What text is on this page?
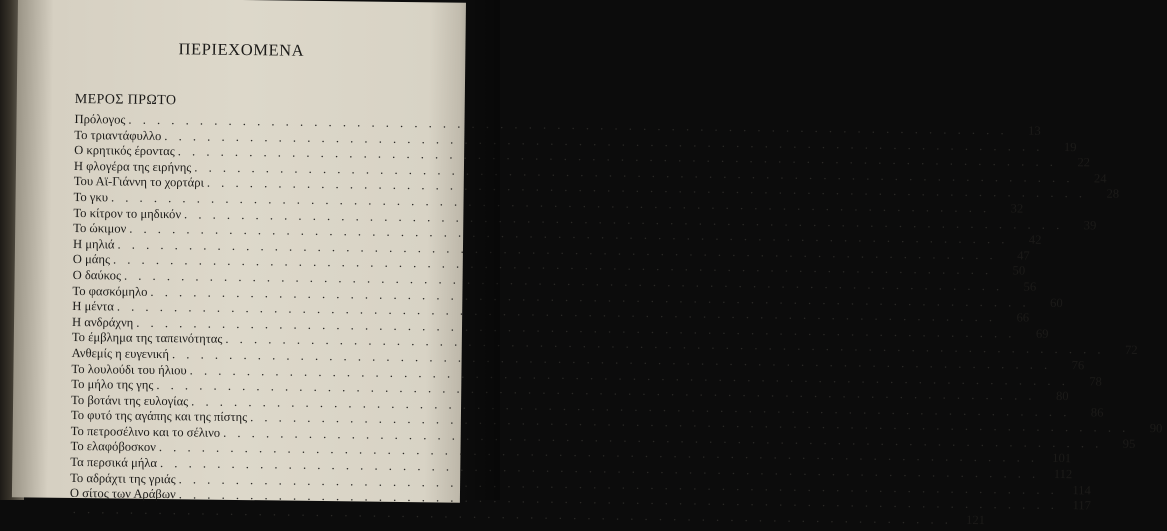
ΠΕΡΙΕΧΟΜΕΝΑ
ΜΕΡΟΣ ΠΡΩΤΟ
Πρόλογος
. . .
13
Το τριαντάφυλλο
. . .
19
Ο κρητικός έροντας
. . .
22
Η φλογέρα της ειρήνης
. . .
24
Του Αϊ-Γιάννη το χορτάρι
. . .
28
Το γκυ
. . .
32
Το κίτρον το μηδικόν
. . .
39
Το ώκιμον
. . .
42
Η μηλιά
. . .
47
Ο μάης
. . .
50
Ο δαύκος
. . .
56
Το φασκόμηλο
. . .
60
Η μέντα
. . .
66
Η ανδράχνη
. . .
69
Το έμβλημα της ταπεινότητας
. . .
72
Ανθεμίς η ευγενική
. . .
76
Το λουλούδι του ήλιου
. . .
78
Το μήλο της γης
. . .
80
Το βοτάνι της ευλογίας
. . .
86
Το φυτό της αγάπης και της πίστης
. . .
90
Το πετροσέλινο και το σέλινο
. . .
95
Το ελαφόβοσκον
. . .
101
Τα περσικά μήλα
. . .
112
Το αδράχτι της γριάς
. . .
114
Ο σίτος των Αράβων
. . .
117
. . .
121
